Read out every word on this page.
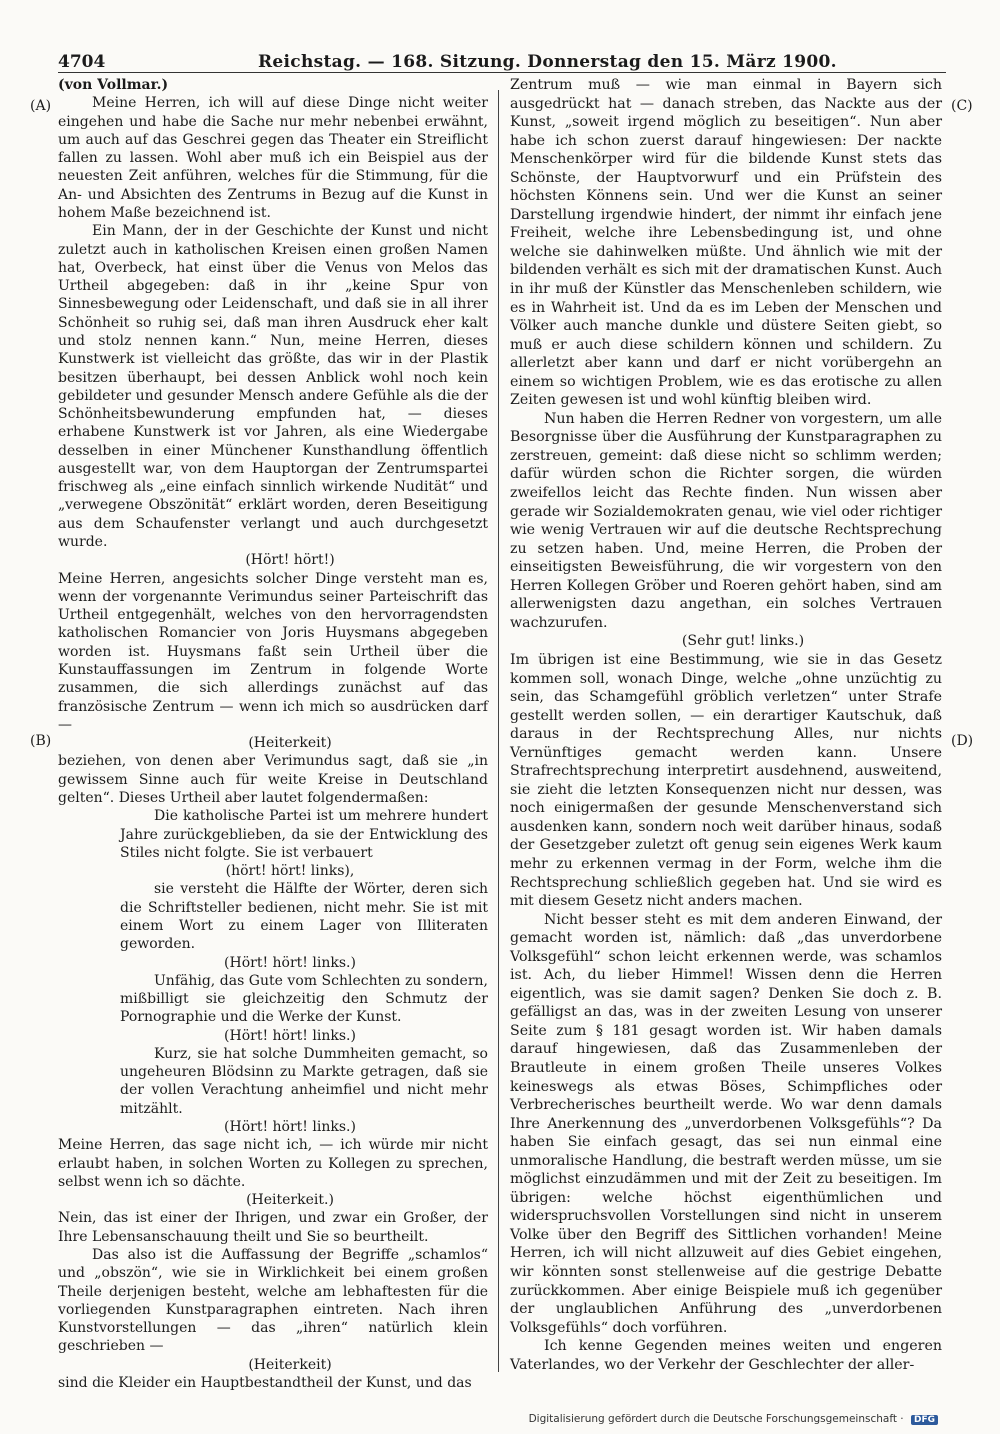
4704	Reichstag. — 168. Sitzung. Donnerstag den 15. März 1900.
(A)
(B)
(C)
(D)

(von Vollmar.)

Meine Herren, ich will auf diese Dinge nicht weiter eingehen und habe die Sache nur mehr nebenbei erwähnt, um auch auf das Geschrei gegen das Theater ein Streiflicht fallen zu lassen. Wohl aber muß ich ein Beispiel aus der neuesten Zeit anführen, welches für die Stimmung, für die An- und Absichten des Zentrums in Bezug auf die Kunst in hohem Maße bezeichnend ist.

Ein Mann, der in der Geschichte der Kunst und nicht zuletzt auch in katholischen Kreisen einen großen Namen hat, Overbeck, hat einst über die Venus von Melos das Urtheil abgegeben: daß in ihr „keine Spur von Sinnesbewegung oder Leidenschaft, und daß sie in all ihrer Schönheit so ruhig sei, daß man ihren Ausdruck eher kalt und stolz nennen kann.“ Nun, meine Herren, dieses Kunstwerk ist vielleicht das größte, das wir in der Plastik besitzen überhaupt, bei dessen Anblick wohl noch kein gebildeter und gesunder Mensch andere Gefühle als die der Schönheitsbewunderung empfunden hat, — dieses erhabene Kunstwerk ist vor Jahren, als eine Wiedergabe desselben in einer Münchener Kunsthandlung öffentlich ausgestellt war, von dem Hauptorgan der Zentrumspartei frischweg als „eine einfach sinnlich wirkende Nudität“ und „verwegene Obszönität“ erklärt worden, deren Beseitigung aus dem Schaufenster verlangt und auch durchgesetzt wurde.

(Hört! hört!)

Meine Herren, angesichts solcher Dinge versteht man es, wenn der vorgenannte Verimundus seiner Parteischrift das Urtheil entgegenhält, welches von den hervorragendsten katholischen Romancier von Joris Huysmans abgegeben worden ist. Huysmans faßt sein Urtheil über die Kunstauffassungen im Zentrum in folgende Worte zusammen, die sich allerdings zunächst auf das französische Zentrum — wenn ich mich so ausdrücken darf —

(Heiterkeit)

beziehen, von denen aber Verimundus sagt, daß sie „in gewissem Sinne auch für weite Kreise in Deutschland gelten“. Dieses Urtheil aber lautet folgendermaßen:

Die katholische Partei ist um mehrere hundert Jahre zurückgeblieben, da sie der Entwicklung des Stiles nicht folgte. Sie ist verbauert

(hört! hört! links),

sie versteht die Hälfte der Wörter, deren sich die Schriftsteller bedienen, nicht mehr. Sie ist mit einem Wort zu einem Lager von Illiteraten geworden.

(Hört! hört! links.)

Unfähig, das Gute vom Schlechten zu sondern, mißbilligt sie gleichzeitig den Schmutz der Pornographie und die Werke der Kunst.

(Hört! hört! links.)

Kurz, sie hat solche Dummheiten gemacht, so ungeheuren Blödsinn zu Markte getragen, daß sie der vollen Verachtung anheimfiel und nicht mehr mitzählt.

(Hört! hört! links.)

Meine Herren, das sage nicht ich, — ich würde mir nicht erlaubt haben, in solchen Worten zu Kollegen zu sprechen, selbst wenn ich so dächte.

(Heiterkeit.)

Nein, das ist einer der Ihrigen, und zwar ein Großer, der Ihre Lebensanschauung theilt und Sie so beurtheilt.

Das also ist die Auffassung der Begriffe „schamlos“ und „obszön“, wie sie in Wirklichkeit bei einem großen Theile derjenigen besteht, welche am lebhaftesten für die vorliegenden Kunstparagraphen eintreten. Nach ihren Kunstvorstellungen — das „ihren“ natürlich klein geschrieben —

(Heiterkeit)

sind die Kleider ein Hauptbestandtheil der Kunst, und das

Zentrum muß — wie man einmal in Bayern sich ausgedrückt hat — danach streben, das Nackte aus der Kunst, „soweit irgend möglich zu beseitigen“. Nun aber habe ich schon zuerst darauf hingewiesen: Der nackte Menschenkörper wird für die bildende Kunst stets das Schönste, der Hauptvorwurf und ein Prüfstein des höchsten Könnens sein. Und wer die Kunst an seiner Darstellung irgendwie hindert, der nimmt ihr einfach jene Freiheit, welche ihre Lebensbedingung ist, und ohne welche sie dahinwelken müßte. Und ähnlich wie mit der bildenden verhält es sich mit der dramatischen Kunst. Auch in ihr muß der Künstler das Menschenleben schildern, wie es in Wahrheit ist. Und da es im Leben der Menschen und Völker auch manche dunkle und düstere Seiten giebt, so muß er auch diese schildern können und schildern. Zu allerletzt aber kann und darf er nicht vorübergehn an einem so wichtigen Problem, wie es das erotische zu allen Zeiten gewesen ist und wohl künftig bleiben wird.

Nun haben die Herren Redner von vorgestern, um alle Besorgnisse über die Ausführung der Kunstparagraphen zu zerstreuen, gemeint: daß diese nicht so schlimm werden; dafür würden schon die Richter sorgen, die würden zweifellos leicht das Rechte finden. Nun wissen aber gerade wir Sozialdemokraten genau, wie viel oder richtiger wie wenig Vertrauen wir auf die deutsche Rechtsprechung zu setzen haben. Und, meine Herren, die Proben der einseitigsten Beweisführung, die wir vorgestern von den Herren Kollegen Gröber und Roeren gehört haben, sind am allerwenigsten dazu angethan, ein solches Vertrauen wachzurufen.

(Sehr gut! links.)

Im übrigen ist eine Bestimmung, wie sie in das Gesetz kommen soll, wonach Dinge, welche „ohne unzüchtig zu sein, das Schamgefühl gröblich verletzen“ unter Strafe gestellt werden sollen, — ein derartiger Kautschuk, daß daraus in der Rechtsprechung Alles, nur nichts Vernünftiges gemacht werden kann. Unsere Strafrechtsprechung interpretirt ausdehnend, ausweitend, sie zieht die letzten Konsequenzen nicht nur dessen, was noch einigermaßen der gesunde Menschenverstand sich ausdenken kann, sondern noch weit darüber hinaus, sodaß der Gesetzgeber zuletzt oft genug sein eigenes Werk kaum mehr zu erkennen vermag in der Form, welche ihm die Rechtsprechung schließlich gegeben hat. Und sie wird es mit diesem Gesetz nicht anders machen.

Nicht besser steht es mit dem anderen Einwand, der gemacht worden ist, nämlich: daß „das unverdorbene Volksgefühl“ schon leicht erkennen werde, was schamlos ist. Ach, du lieber Himmel! Wissen denn die Herren eigentlich, was sie damit sagen? Denken Sie doch z. B. gefälligst an das, was in der zweiten Lesung von unserer Seite zum § 181 gesagt worden ist. Wir haben damals darauf hingewiesen, daß das Zusammenleben der Brautleute in einem großen Theile unseres Volkes keineswegs als etwas Böses, Schimpfliches oder Verbrecherisches beurtheilt werde. Wo war denn damals Ihre Anerkennung des „unverdorbenen Volksgefühls“? Da haben Sie einfach gesagt, das sei nun einmal eine unmoralische Handlung, die bestraft werden müsse, um sie möglichst einzudämmen und mit der Zeit zu beseitigen. Im übrigen: welche höchst eigenthümlichen und widerspruchsvollen Vorstellungen sind nicht in unserem Volke über den Begriff des Sittlichen vorhanden! Meine Herren, ich will nicht allzuweit auf dies Gebiet eingehen, wir könnten sonst stellenweise auf die gestrige Debatte zurückkommen. Aber einige Beispiele muß ich gegenüber der unglaublichen Anführung des „unverdorbenen Volksgefühls“ doch vorführen.

Ich kenne Gegenden meines weiten und engeren Vaterlandes, wo der Verkehr der Geschlechter der aller-

Digitalisierung gefördert durch die Deutsche Forschungsgemeinschaft · DFG
